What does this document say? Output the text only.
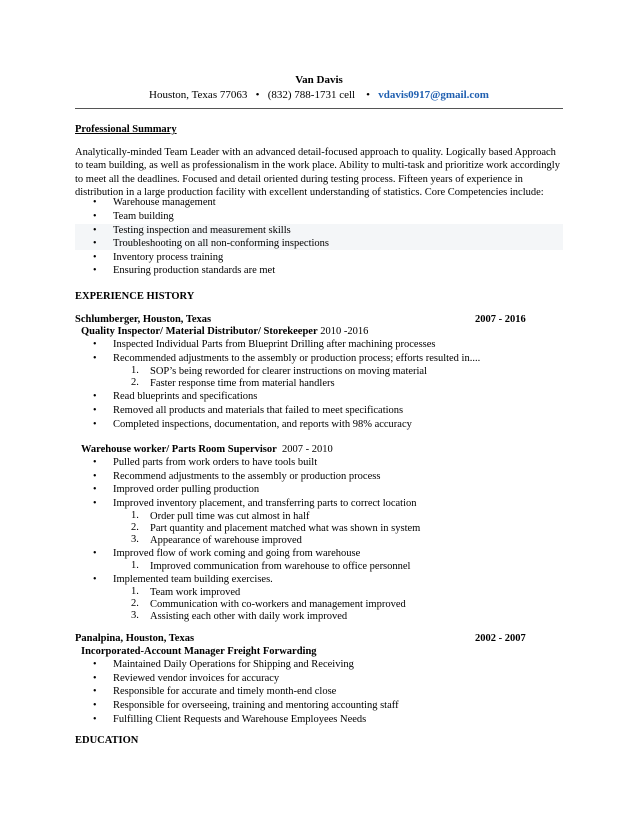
Van Davis
Houston, Texas 77063 • (832) 788-1731 cell • vdavis0917@gmail.com
Professional Summary
Analytically-minded Team Leader with an advanced detail-focused approach to quality. Logically based Approach to team building, as well as professionalism in the work place. Ability to multi-task and prioritize work accordingly to meet all the deadlines. Focused and detail oriented during testing process. Fifteen years of experience in distribution in a large production facility with excellent understanding of statistics. Core Competencies include:
• Warehouse management
• Team building
• Testing inspection and measurement skills
• Troubleshooting on all non-conforming inspections
• Inventory process training
• Ensuring production standards are met
EXPERIENCE HISTORY
Schlumberger, Houston, Texas	2007 - 2016
Quality Inspector/ Material Distributor/ Storekeeper 2010 -2016
• Inspected Individual Parts from Blueprint Drilling after machining processes
• Recommended adjustments to the assembly or production process; efforts resulted in....
1. SOP’s being reworded for clearer instructions on moving material
2. Faster response time from material handlers
• Read blueprints and specifications
• Removed all products and materials that failed to meet specifications
• Completed inspections, documentation, and reports with 98% accuracy
Warehouse worker/ Parts Room Supervisor 2007 - 2010
• Pulled parts from work orders to have tools built
• Recommend adjustments to the assembly or production process
• Improved order pulling production
• Improved inventory placement, and transferring parts to correct location
1. Order pull time was cut almost in half
2. Part quantity and placement matched what was shown in system
3. Appearance of warehouse improved
• Improved flow of work coming and going from warehouse
1. Improved communication from warehouse to office personnel
• Implemented team building exercises.
1. Team work improved
2. Communication with co-workers and management improved
3. Assisting each other with daily work improved
Panalpina, Houston, Texas	2002 - 2007
Incorporated-Account Manager Freight Forwarding
• Maintained Daily Operations for Shipping and Receiving
• Reviewed vendor invoices for accuracy
• Responsible for accurate and timely month-end close
• Responsible for overseeing, training and mentoring accounting staff
• Fulfilling Client Requests and Warehouse Employees Needs
EDUCATION
